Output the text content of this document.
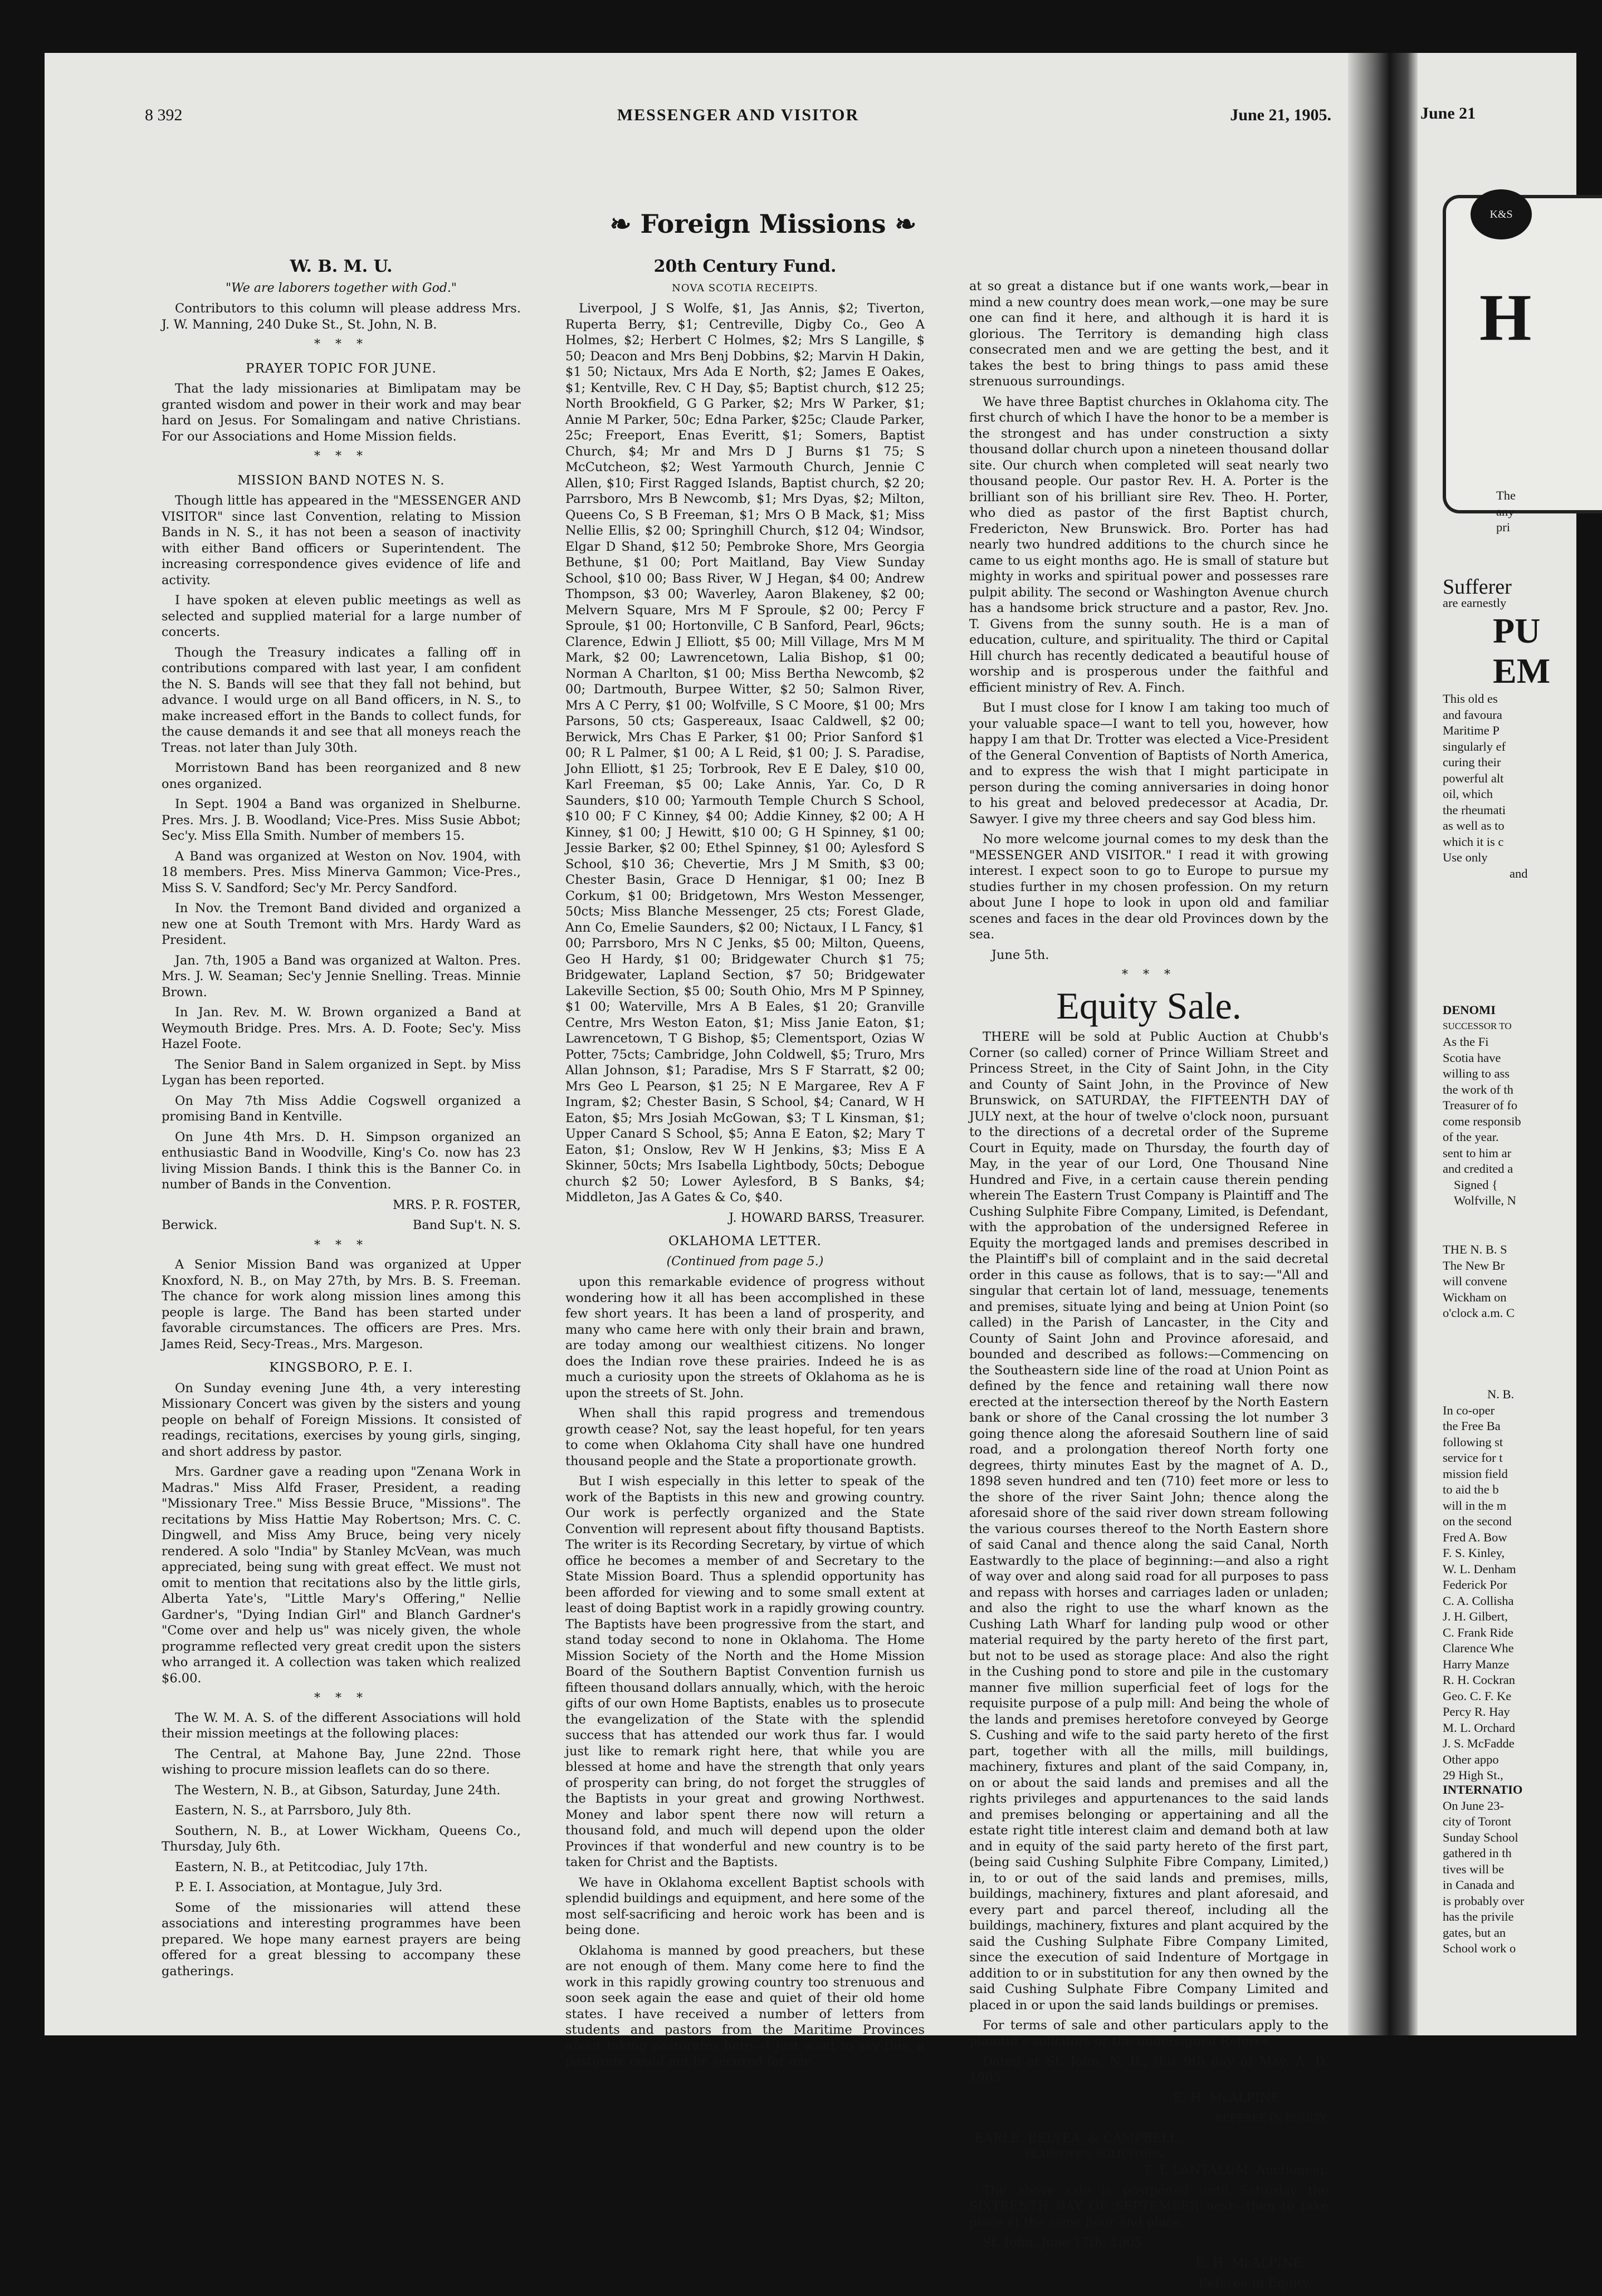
8 392	MESSENGER AND VISITOR	June 21, 1905.
❧ Foreign Missions ❧
W. B. M. U.
"We are laborers together with God."

Contributors to this column will please address Mrs. J. W. Manning, 240 Duke St., St. John, N. B.

* * *
PRAYER TOPIC FOR JUNE.

That the lady missionaries at Bimlipatam may be granted wisdom and power in their work and may bear hard on Jesus. For Somalingam and native Christians. For our Associations and Home Mission fields.

* * *
MISSION BAND NOTES N. S.

Though little has appeared in the "MESSENGER AND VISITOR" since last Convention, relating to Mission Bands in N. S., it has not been a season of inactivity with either Band officers or Superintendent. The increasing correspondence gives evidence of life and activity.

I have spoken at eleven public meetings as well as selected and supplied material for a large number of concerts.

Though the Treasury indicates a falling off in contributions compared with last year, I am confident the N. S. Bands will see that they fall not behind, but advance. I would urge on all Band officers, in N. S., to make increased effort in the Bands to collect funds, for the cause demands it and see that all moneys reach the Treas. not later than July 30th.

Morristown Band has been reorganized and 8 new ones organized.

In Sept. 1904 a Band was organized in Shelburne. Pres. Mrs. J. B. Woodland; Vice-Pres. Miss Susie Abbot; Sec'y. Miss Ella Smith. Number of members 15.

A Band was organized at Weston on Nov. 1904, with 18 members. Pres. Miss Minerva Gammon; Vice-Pres., Miss S. V. Sandford; Sec'y Mr. Percy Sandford.

In Nov. the Tremont Band divided and organized a new one at South Tremont with Mrs. Hardy Ward as President.

Jan. 7th, 1905 a Band was organized at Walton. Pres. Mrs. J. W. Seaman; Sec'y Jennie Snelling. Treas. Minnie Brown.

In Jan. Rev. M. W. Brown organized a Band at Weymouth Bridge. Pres. Mrs. A. D. Foote; Sec'y. Miss Hazel Foote.

The Senior Band in Salem organized in Sept. by Miss Lygan has been reported.

On May 7th Miss Addie Cogswell organized a promising Band in Kentville.

On June 4th Mrs. D. H. Simpson organized an enthusiastic Band in Woodville, King's Co. now has 23 living Mission Bands. I think this is the Banner Co. in number of Bands in the Convention.

MRS. P. R. FOSTER,
Berwick.	Band Sup't. N. S.
* * *

A Senior Mission Band was organized at Upper Knoxford, N. B., on May 27th, by Mrs. B. S. Freeman. The chance for work along mission lines among this people is large. The Band has been started under favorable circumstances. The officers are Pres. Mrs. James Reid, Secy-Treas., Mrs. Margeson.

KINGSBORO, P. E. I.

On Sunday evening June 4th, a very interesting Missionary Concert was given by the sisters and young people on behalf of Foreign Missions. It consisted of readings, recitations, exercises by young girls, singing, and short address by pastor.

Mrs. Gardner gave a reading upon "Zenana Work in Madras." Miss Alfd Fraser, President, a reading "Missionary Tree." Miss Bessie Bruce, "Missions". The recitations by Miss Hattie May Robertson; Mrs. C. C. Dingwell, and Miss Amy Bruce, being very nicely rendered. A solo "India" by Stanley McVean, was much appreciated, being sung with great effect. We must not omit to mention that recitations also by the little girls, Alberta Yate's, "Little Mary's Offering," Nellie Gardner's, "Dying Indian Girl" and Blanch Gardner's "Come over and help us" was nicely given, the whole programme reflected very great credit upon the sisters who arranged it. A collection was taken which realized $6.00.

* * *

The W. M. A. S. of the different Associations will hold their mission meetings at the following places:

The Central, at Mahone Bay, June 22nd. Those wishing to procure mission leaflets can do so there.

The Western, N. B., at Gibson, Saturday, June 24th.

Eastern, N. S., at Parrsboro, July 8th.

Southern, N. B., at Lower Wickham, Queens Co., Thursday, July 6th.

Eastern, N. B., at Petitcodiac, July 17th.

P. E. I. Association, at Montague, July 3rd.

Some of the missionaries will attend these associations and interesting programmes have been prepared. We hope many earnest prayers are being offered for a great blessing to accompany these gatherings.

20th Century Fund.
NOVA SCOTIA RECEIPTS.

Liverpool, J S Wolfe, $1, Jas Annis, $2; Tiverton, Ruperta Berry, $1; Centreville, Digby Co., Geo A Holmes, $2; Herbert C Holmes, $2; Mrs S Langille, $ 50; Deacon and Mrs Benj Dobbins, $2; Marvin H Dakin, $1 50; Nictaux, Mrs Ada E North, $2; James E Oakes, $1; Kentville, Rev. C H Day, $5; Baptist church, $12 25; North Brookfield, G G Parker, $2; Mrs W Parker, $1; Annie M Parker, 50c; Edna Parker, $25c; Claude Parker, 25c; Freeport, Enas Everitt, $1; Somers, Baptist Church, $4; Mr and Mrs D J Burns $1 75; S McCutcheon, $2; West Yarmouth Church, Jennie C Allen, $10; First Ragged Islands, Baptist church, $2 20; Parrsboro, Mrs B Newcomb, $1; Mrs Dyas, $2; Milton, Queens Co, S B Freeman, $1; Mrs O B Mack, $1; Miss Nellie Ellis, $2 00; Springhill Church, $12 04; Windsor, Elgar D Shand, $12 50; Pembroke Shore, Mrs Georgia Bethune, $1 00; Port Maitland, Bay View Sunday School, $10 00; Bass River, W J Hegan, $4 00; Andrew Thompson, $3 00; Waverley, Aaron Blakeney, $2 00; Melvern Square, Mrs M F Sproule, $2 00; Percy F Sproule, $1 00; Hortonville, C B Sanford, Pearl, 96cts; Clarence, Edwin J Elliott, $5 00; Mill Village, Mrs M M Mark, $2 00; Lawrencetown, Lalia Bishop, $1 00; Norman A Charlton, $1 00; Miss Bertha Newcomb, $2 00; Dartmouth, Burpee Witter, $2 50; Salmon River, Mrs A C Perry, $1 00; Wolfville, S C Moore, $1 00; Mrs Parsons, 50 cts; Gaspereaux, Isaac Caldwell, $2 00; Berwick, Mrs Chas E Parker, $1 00; Prior Sanford $1 00; R L Palmer, $1 00; A L Reid, $1 00; J. S. Paradise, John Elliott, $1 25; Torbrook, Rev E E Daley, $10 00, Karl Freeman, $5 00; Lake Annis, Yar. Co, D R Saunders, $10 00; Yarmouth Temple Church S School, $10 00; F C Kinney, $4 00; Addie Kinney, $2 00; A H Kinney, $1 00; J Hewitt, $10 00; G H Spinney, $1 00; Jessie Barker, $2 00; Ethel Spinney, $1 00; Aylesford S School, $10 36; Chevertie, Mrs J M Smith, $3 00; Chester Basin, Grace D Hennigar, $1 00; Inez B Corkum, $1 00; Bridgetown, Mrs Weston Messenger, 50cts; Miss Blanche Messenger, 25 cts; Forest Glade, Ann Co, Emelie Saunders, $2 00; Nictaux, I L Fancy, $1 00; Parrsboro, Mrs N C Jenks, $5 00; Milton, Queens, Geo H Hardy, $1 00; Bridgewater Church $1 75; Bridgewater, Lapland Section, $7 50; Bridgewater Lakeville Section, $5 00; South Ohio, Mrs M P Spinney, $1 00; Waterville, Mrs A B Eales, $1 20; Granville Centre, Mrs Weston Eaton, $1; Miss Janie Eaton, $1; Lawrencetown, T G Bishop, $5; Clementsport, Ozias W Potter, 75cts; Cambridge, John Coldwell, $5; Truro, Mrs Allan Johnson, $1; Paradise, Mrs S F Starratt, $2 00; Mrs Geo L Pearson, $1 25; N E Margaree, Rev A F Ingram, $2; Chester Basin, S School, $4; Canard, W H Eaton, $5; Mrs Josiah McGowan, $3; T L Kinsman, $1; Upper Canard S School, $5; Anna E Eaton, $2; Mary T Eaton, $1; Onslow, Rev W H Jenkins, $3; Miss E A Skinner, 50cts; Mrs Isabella Lightbody, 50cts; Debogue church $2 50; Lower Aylesford, B S Banks, $4; Middleton, Jas A Gates & Co, $40.

J. HOWARD BARSS, Treasurer.
OKLAHOMA LETTER.
(Continued from page 5.)

upon this remarkable evidence of progress without wondering how it all has been accomplished in these few short years. It has been a land of prosperity, and many who came here with only their brain and brawn, are today among our wealthiest citizens. No longer does the Indian rove these prairies. Indeed he is as much a curiosity upon the streets of Oklahoma as he is upon the streets of St. John.

When shall this rapid progress and tremendous growth cease? Not, say the least hopeful, for ten years to come when Oklahoma City shall have one hundred thousand people and the State a proportionate growth.

But I wish especially in this letter to speak of the work of the Baptists in this new and growing country. Our work is perfectly organized and the State Convention will represent about fifty thousand Baptists. The writer is its Recording Secretary, by virtue of which office he becomes a member of and Secretary to the State Mission Board. Thus a splendid opportunity has been afforded for viewing and to some small extent at least of doing Baptist work in a rapidly growing country. The Baptists have been progressive from the start, and stand today second to none in Oklahoma. The Home Mission Society of the North and the Home Mission Board of the Southern Baptist Convention furnish us fifteen thousand dollars annually, which, with the heroic gifts of our own Home Baptists, enables us to prosecute the evangelization of the State with the splendid success that has attended our work thus far. I would just like to remark right here, that while you are blessed at home and have the strength that only years of prosperity can bring, do not forget the struggles of the Baptists in your great and growing Northwest. Money and labor spent there now will return a thousand fold, and much will depend upon the older Provinces if that wonderful and new country is to be taken for Christ and the Baptists.

We have in Oklahoma excellent Baptist schools with splendid buildings and equipment, and here some of the most self-sacrificing and heroic work has been and is being done.

Oklahoma is manned by good preachers, but these are not enough of them. Many come here to find the work in this rapidly growing country too strenuous and soon seek again the ease and quiet of their old home states. I have received a number of letters from students and pastors from the Maritime Provinces about taking pastorates here—I just want to say this, a pastorate could not be secured for one

at so great a distance but if one wants work,—bear in mind a new country does mean work,—one may be sure one can find it here, and although it is hard it is glorious. The Territory is demanding high class consecrated men and we are getting the best, and it takes the best to bring things to pass amid these strenuous surroundings.

We have three Baptist churches in Oklahoma city. The first church of which I have the honor to be a member is the strongest and has under construction a sixty thousand dollar church upon a nineteen thousand dollar site. Our church when completed will seat nearly two thousand people. Our pastor Rev. H. A. Porter is the brilliant son of his brilliant sire Rev. Theo. H. Porter, who died as pastor of the first Baptist church, Fredericton, New Brunswick. Bro. Porter has had nearly two hundred additions to the church since he came to us eight months ago. He is small of stature but mighty in works and spiritual power and possesses rare pulpit ability. The second or Washington Avenue church has a handsome brick structure and a pastor, Rev. Jno. T. Givens from the sunny south. He is a man of education, culture, and spirituality. The third or Capital Hill church has recently dedicated a beautiful house of worship and is prosperous under the faithful and efficient ministry of Rev. A. Finch.

But I must close for I know I am taking too much of your valuable space—I want to tell you, however, how happy I am that Dr. Trotter was elected a Vice-President of the General Convention of Baptists of North America, and to express the wish that I might participate in person during the coming anniversaries in doing honor to his great and beloved predecessor at Acadia, Dr. Sawyer. I give my three cheers and say God bless him.

No more welcome journal comes to my desk than the "MESSENGER AND VISITOR." I read it with growing interest. I expect soon to go to Europe to pursue my studies further in my chosen profession. On my return about June I hope to look in upon old and familiar scenes and faces in the dear old Provinces down by the sea.

June 5th.
* * *
Equity Sale.

THERE will be sold at Public Auction at Chubb's Corner (so called) corner of Prince William Street and Princess Street, in the City of Saint John, in the City and County of Saint John, in the Province of New Brunswick, on SATURDAY, the FIFTEENTH DAY of JULY next, at the hour of twelve o'clock noon, pursuant to the directions of a decretal order of the Supreme Court in Equity, made on Thursday, the fourth day of May, in the year of our Lord, One Thousand Nine Hundred and Five, in a certain cause therein pending wherein The Eastern Trust Company is Plaintiff and The Cushing Sulphite Fibre Company, Limited, is Defendant, with the approbation of the undersigned Referee in Equity the mortgaged lands and premises described in the Plaintiff's bill of complaint and in the said decretal order in this cause as follows, that is to say:—"All and singular that certain lot of land, messuage, tenements and premises, situate lying and being at Union Point (so called) in the Parish of Lancaster, in the City and County of Saint John and Province aforesaid, and bounded and described as follows:—Commencing on the Southeastern side line of the road at Union Point as defined by the fence and retaining wall there now erected at the intersection thereof by the North Eastern bank or shore of the Canal crossing the lot number 3 going thence along the aforesaid Southern line of said road, and a prolongation thereof North forty one degrees, thirty minutes East by the magnet of A. D., 1898 seven hundred and ten (710) feet more or less to the shore of the river Saint John; thence along the aforesaid shore of the said river down stream following the various courses thereof to the North Eastern shore of said Canal and thence along the said Canal, North Eastwardly to the place of beginning:—and also a right of way over and along said road for all purposes to pass and repass with horses and carriages laden or unladen; and also the right to use the wharf known as the Cushing Lath Wharf for landing pulp wood or other material required by the party hereto of the first part, but not to be used as storage place: And also the right in the Cushing pond to store and pile in the customary manner five million superficial feet of logs for the requisite purpose of a pulp mill: And being the whole of the lands and premises heretofore conveyed by George S. Cushing and wife to the said party hereto of the first part, together with all the mills, mill buildings, machinery, fixtures and plant of the said Company, in, on or about the said lands and premises and all the rights privileges and appurtenances to the said lands and premises belonging or appertaining and all the estate right title interest claim and demand both at law and in equity of the said party hereto of the first part, (being said Cushing Sulphite Fibre Company, Limited,) in, to or out of the said lands and premises, mills, buildings, machinery, fixtures and plant aforesaid, and every part and parcel thereof, including all the buildings, machinery, fixtures and plant acquired by the said the Cushing Sulphate Fibre Company Limited, since the execution of said Indenture of Mortgage in addition to or in substitution for any then owned by the said Cushing Sulphate Fibre Company Limited and placed in or upon the said lands buildings or premises.

For terms of sale and other particulars apply to the plaintiff's solicitors or the undersigned Referee.

Dated at St. John, N. B., this 9th day of May, A. D. 1905.

E. H. McALPINE,
REFEREE IN EQUITY.
EARLE, BELYEA, & CAMPBELL,
PLAINTIFF'S SOLICITORS.
T. T. LANTALUM, Auctioneer.

The above sale is postponed until Saturday the SIXTEENTH DAY OF SEPTEMBER next—then to take place at the same hour and place.

St. John, June 17th, 1905.

E. H. McALPINE,
Referee in Equity.
June 21
H
The
any
pri
K&S
Sufferer
are earnestly
PU
EM
This old es
and favoura
Maritime P
singularly ef
curing their
powerful alt
oil, which
the rheumati
as well as to
which it is c
Use only
and
DENOMI
SUCCESSOR TO
As the Fi
Scotia have
willing to ass
the work of th
Treasurer of fo
come responsib
of the year.
sent to him ar
and credited a
Signed {
Wolfville, N
THE N. B. S
The New Br
will convene
Wickham on
o'clock a.m. C
N. B.
In co-oper
the Free Ba
following st
service for t
mission field
to aid the b
will in the m
on the second
Fred A. Bow
F. S. Kinley,
W. L. Denham
Federick Por
C. A. Collisha
J. H. Gilbert,
C. Frank Ride
Clarence Whe
Harry Manze
R. H. Cockran
Geo. C. F. Ke
Percy R. Hay
M. L. Orchard
J. S. McFadde
Other appo
29 High St.,
INTERNATIO
On June 23-
city of Toront
Sunday School
gathered in th
tives will be
in Canada and
is probably over
has the privile
gates, but an
School work o
